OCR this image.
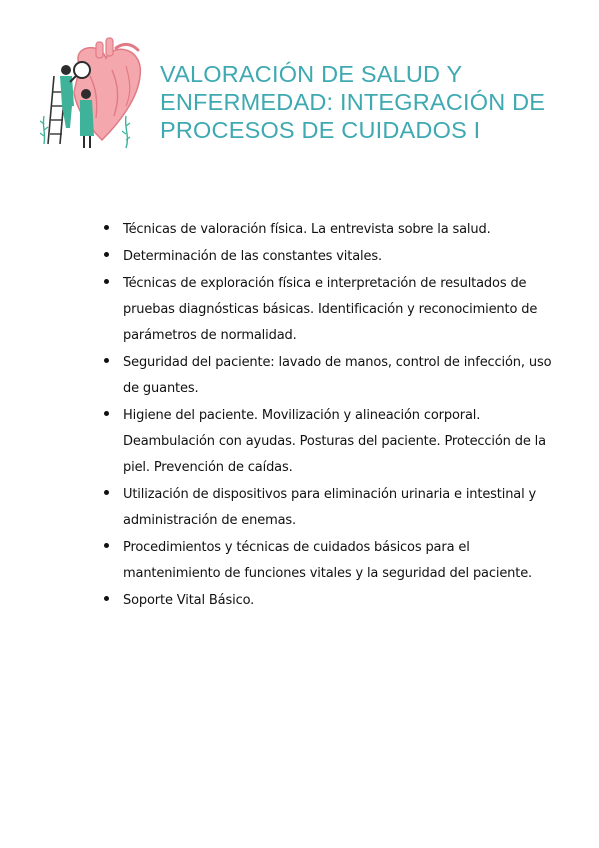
VALORACIÓN DE SALUD Y
ENFERMEDAD: INTEGRACIÓN DE
PROCESOS DE CUIDADOS I
Técnicas de valoración física. La entrevista sobre la salud.
Determinación de las constantes vitales.
Técnicas de exploración física e interpretación de resultados de
pruebas diagnósticas básicas. Identificación y reconocimiento de
parámetros de normalidad.
Seguridad del paciente: lavado de manos, control de infección, uso
de guantes.
Higiene del paciente. Movilización y alineación corporal.
Deambulación con ayudas. Posturas del paciente. Protección de la
piel. Prevención de caídas.
Utilización de dispositivos para eliminación urinaria e intestinal y
administración de enemas.
Procedimientos y técnicas de cuidados básicos para el
mantenimiento de funciones vitales y la seguridad del paciente.
Soporte Vital Básico.
